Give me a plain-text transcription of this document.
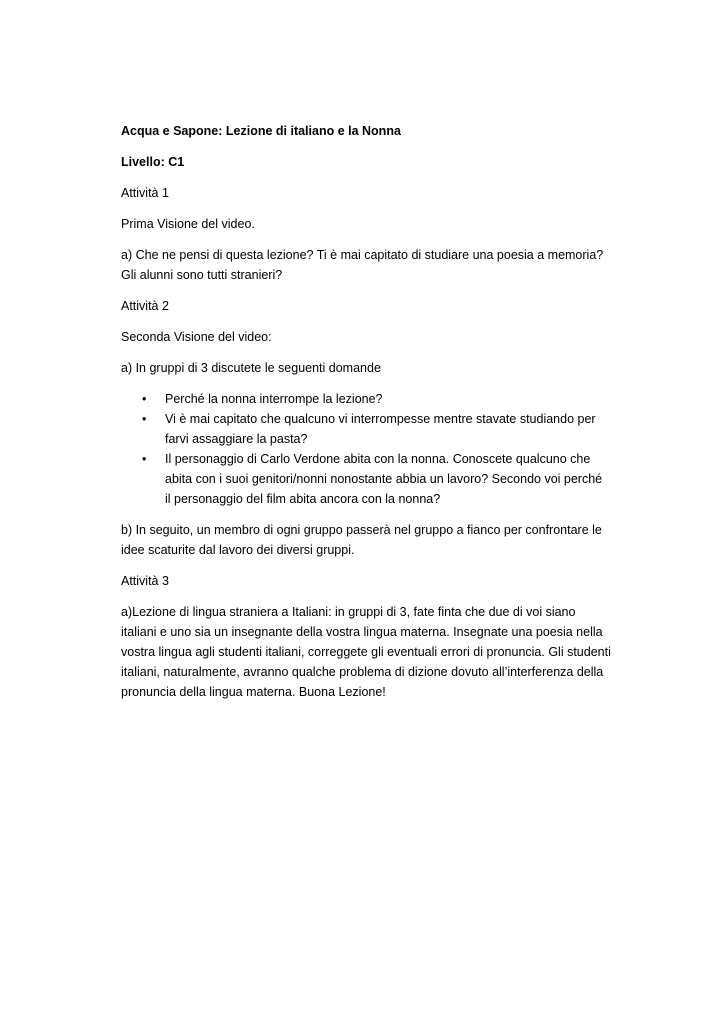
Acqua e Sapone: Lezione di italiano e la Nonna

Livello: C1

Attività 1

Prima Visione del video.

a) Che ne pensi di questa lezione? Ti è mai capitato di studiare una poesia a memoria? Gli alunni sono tutti stranieri?

Attività 2

Seconda Visione del video:

a) In gruppi di 3 discutete le seguenti domande

• Perché la nonna interrompe la lezione?
• Vi è mai capitato che qualcuno vi interrompesse mentre stavate studiando per farvi assaggiare la pasta?
• Il personaggio di Carlo Verdone abita con la nonna. Conoscete qualcuno che abita con i suoi genitori/nonni nonostante abbia un lavoro? Secondo voi perché il personaggio del film abita ancora con la nonna?

b) In seguito, un membro di ogni gruppo passerà nel gruppo a fianco per confrontare le idee scaturite dal lavoro dei diversi gruppi.

Attività 3

a)Lezione di lingua straniera a Italiani: in gruppi di 3, fate finta che due di voi siano italiani e uno sia un insegnante della vostra lingua materna. Insegnate una poesia nella vostra lingua agli studenti italiani, correggete gli eventuali errori di pronuncia. Gli studenti italiani, naturalmente, avranno qualche problema di dizione dovuto all’interferenza della pronuncia della lingua materna. Buona Lezione!
